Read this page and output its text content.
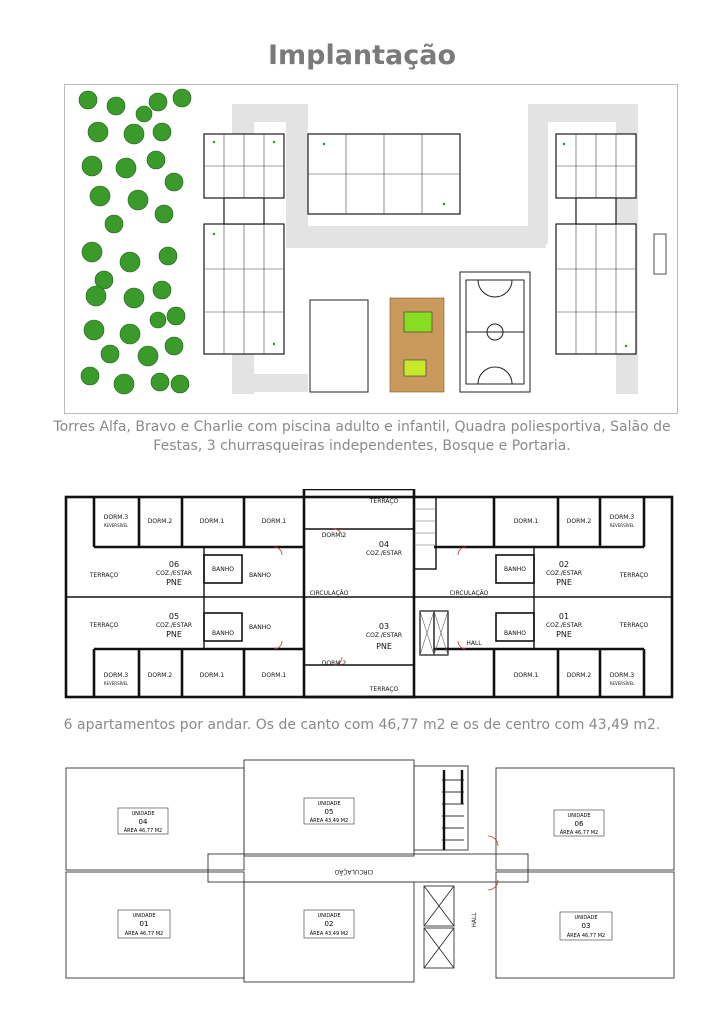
Implantação
Torres Alfa, Bravo e Charlie com piscina adulto e infantil, Quadra poliesportiva, Salão de Festas, 3 churrasqueiras independentes, Bosque e Portaria.
DORM.3
REVERSÍVEL
DORM.2	DORM.1	DORM.1
DORM.2
TERRAÇO
04
COZ./ESTAR
06
COZ./ESTAR
PNE
TERRAÇO
BANHO
BANHO
CIRCULAÇÃO	CIRCULAÇÃO
05
COZ./ESTAR
PNE
TERRAÇO
BANHO
BANHO	03
COZ./ESTAR
PNE
DORM.2
TERRAÇO
DORM.3
REVERSÍVEL
DORM.2	DORM.1	DORM.1
HALL
DORM.1	DORM.2
DORM.3
REVERSÍVEL
BANHO
02
COZ./ESTAR
PNE
TERRAÇO
BANHO
01
COZ./ESTAR
PNE
TERRAÇO
DORM.1	DORM.2	DORM.3
REVERSÍVEL
6 apartamentos por andar. Os de canto com 46,77 m2 e os de centro com 43,49 m2.
CIRCULAÇÃO
HALL
UNIDADE
04
ÁREA 46,77 M2
UNIDADE
05
ÁREA 43,49 M2
UNIDADE
06
ÁREA 46,77 M2
UNIDADE
01
ÁREA 46,77 M2
UNIDADE
02
ÁREA 43,49 M2
UNIDADE
03
ÁREA 46,77 M2
